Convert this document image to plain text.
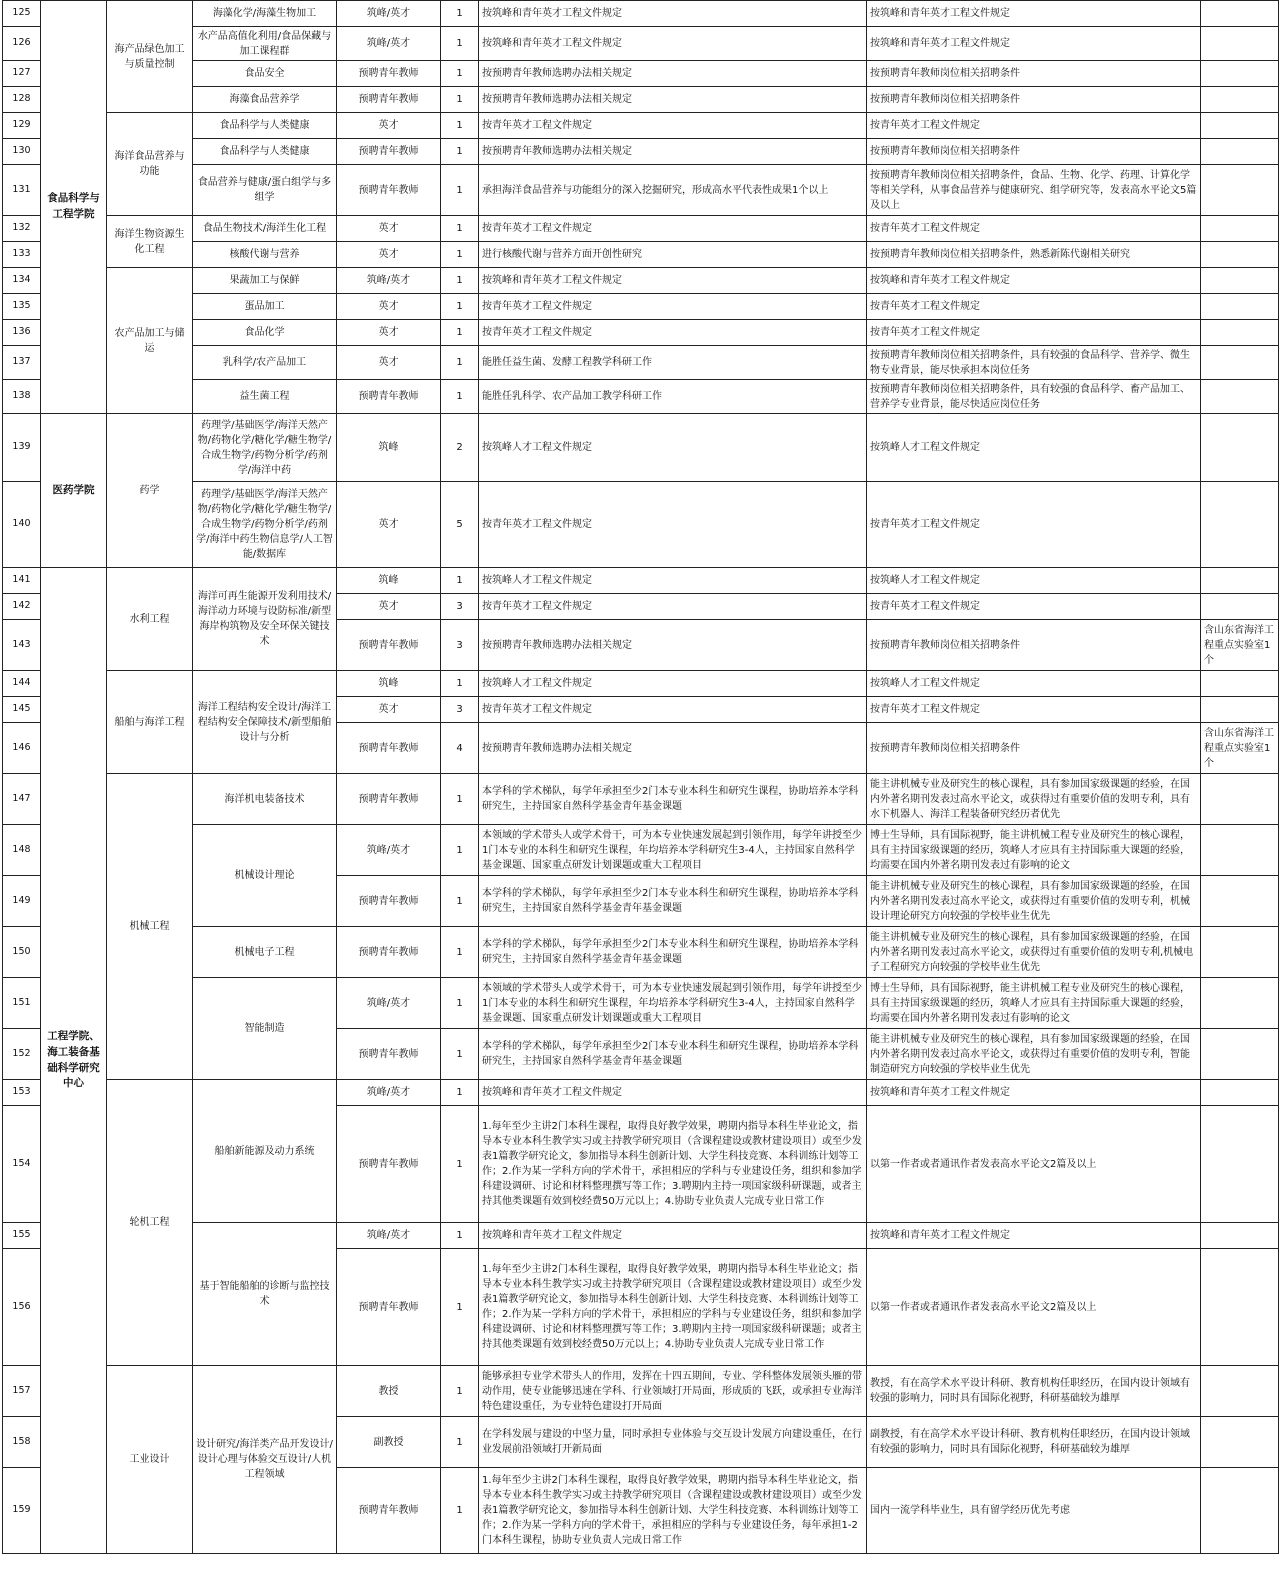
125	食品科学与工程学院	海产品绿色加工与质量控制	海藻化学/海藻生物加工	筑峰/英才	1	按筑峰和青年英才工程文件规定	按筑峰和青年英才工程文件规定	
126			水产品高值化利用/食品保藏与加工课程群	筑峰/英才	1	按筑峰和青年英才工程文件规定	按筑峰和青年英才工程文件规定	
127			食品安全	预聘青年教师	1	按预聘青年教师选聘办法相关规定	按预聘青年教师岗位相关招聘条件	
128			海藻食品营养学	预聘青年教师	1	按预聘青年教师选聘办法相关规定	按预聘青年教师岗位相关招聘条件	
129		海洋食品营养与功能	食品科学与人类健康	英才	1	按青年英才工程文件规定	按青年英才工程文件规定	
130			食品科学与人类健康	预聘青年教师	1	按预聘青年教师选聘办法相关规定	按预聘青年教师岗位相关招聘条件	
131			食品营养与健康/蛋白组学与多组学	预聘青年教师	1	承担海洋食品营养与功能组分的深入挖掘研究，形成高水平代表性成果1个以上	按预聘青年教师岗位相关招聘条件，食品、生物、化学、药理、计算化学等相关学科，从事食品营养与健康研究、组学研究等，发表高水平论文5篇及以上	
132		海洋生物资源生化工程	食品生物技术/海洋生化工程	英才	1	按青年英才工程文件规定	按青年英才工程文件规定	
133			核酸代谢与营养	英才	1	进行核酸代谢与营养方面开创性研究	按预聘青年教师岗位相关招聘条件，熟悉新陈代谢相关研究	
134		农产品加工与储运	果蔬加工与保鲜	筑峰/英才	1	按筑峰和青年英才工程文件规定	按筑峰和青年英才工程文件规定	
135			蛋品加工	英才	1	按青年英才工程文件规定	按青年英才工程文件规定	
136			食品化学	英才	1	按青年英才工程文件规定	按青年英才工程文件规定	
137			乳科学/农产品加工	英才	1	能胜任益生菌、发酵工程教学科研工作	按预聘青年教师岗位相关招聘条件，具有较强的食品科学、营养学、微生物专业背景，能尽快承担本岗位任务	
138			益生菌工程	预聘青年教师	1	能胜任乳科学、农产品加工教学科研工作	按预聘青年教师岗位相关招聘条件，具有较强的食品科学、畜产品加工、营养学专业背景，能尽快适应岗位任务	
139	医药学院	药学	药理学/基础医学/海洋天然产物/药物化学/糖化学/糖生物学/合成生物学/药物分析学/药剂学/海洋中药	筑峰	2	按筑峰人才工程文件规定	按筑峰人才工程文件规定	
140			药理学/基础医学/海洋天然产物/药物化学/糖化学/糖生物学/合成生物学/药物分析学/药剂学/海洋中药生物信息学/人工智能/数据库	英才	5	按青年英才工程文件规定	按青年英才工程文件规定	
141	工程学院、海工装备基础科学研究中心	水利工程	海洋可再生能源开发利用技术/海洋动力环境与设防标准/新型海岸构筑物及安全环保关键技术	筑峰	1	按筑峰人才工程文件规定	按筑峰人才工程文件规定	
142				英才	3	按青年英才工程文件规定	按青年英才工程文件规定	
143				预聘青年教师	3	按预聘青年教师选聘办法相关规定	按预聘青年教师岗位相关招聘条件	含山东省海洋工程重点实验室1个
144		船舶与海洋工程	海洋工程结构安全设计/海洋工程结构安全保障技术/新型船舶设计与分析	筑峰	1	按筑峰人才工程文件规定	按筑峰人才工程文件规定	
145				英才	3	按青年英才工程文件规定	按青年英才工程文件规定	
146				预聘青年教师	4	按预聘青年教师选聘办法相关规定	按预聘青年教师岗位相关招聘条件	含山东省海洋工程重点实验室1个
147		机械工程	海洋机电装备技术	预聘青年教师	1	本学科的学术梯队，每学年承担至少2门本专业本科生和研究生课程，协助培养本学科研究生，主持国家自然科学基金青年基金课题	能主讲机械专业及研究生的核心课程，具有参加国家级课题的经验，在国内外著名期刊发表过高水平论文，或获得过有重要价值的发明专利，具有水下机器人、海洋工程装备研究经历者优先	
148			机械设计理论	筑峰/英才	1	本领域的学术带头人或学术骨干，可为本专业快速发展起到引领作用，每学年讲授至少1门本专业的本科生和研究生课程，年均培养本学科研究生3-4人，主持国家自然科学基金课题、国家重点研发计划课题或重大工程项目	博士生导师，具有国际视野，能主讲机械工程专业及研究生的核心课程，具有主持国家级课题的经历，筑峰人才应具有主持国际重大课题的经验，均需要在国内外著名期刊发表过有影响的论文	
149				预聘青年教师	1	本学科的学术梯队，每学年承担至少2门本专业本科生和研究生课程，协助培养本学科研究生，主持国家自然科学基金青年基金课题	能主讲机械专业及研究生的核心课程，具有参加国家级课题的经验，在国内外著名期刊发表过高水平论文，或获得过有重要价值的发明专利，机械设计理论研究方向较强的学校毕业生优先	
150			机械电子工程	预聘青年教师	1	本学科的学术梯队，每学年承担至少2门本专业本科生和研究生课程，协助培养本学科研究生，主持国家自然科学基金青年基金课题	能主讲机械专业及研究生的核心课程，具有参加国家级课题的经验，在国内外著名期刊发表过高水平论文，或获得过有重要价值的发明专利,机械电子工程研究方向较强的学校毕业生优先	
151			智能制造	筑峰/英才	1	本领域的学术带头人或学术骨干，可为本专业快速发展起到引领作用，每学年讲授至少1门本专业的本科生和研究生课程，年均培养本学科研究生3-4人，主持国家自然科学基金课题、国家重点研发计划课题或重大工程项目	博士生导师，具有国际视野，能主讲机械工程专业及研究生的核心课程，具有主持国家级课题的经历，筑峰人才应具有主持国际重大课题的经验，均需要在国内外著名期刊发表过有影响的论文	
152				预聘青年教师	1	本学科的学术梯队，每学年承担至少2门本专业本科生和研究生课程，协助培养本学科研究生，主持国家自然科学基金青年基金课题	能主讲机械专业及研究生的核心课程，具有参加国家级课题的经验，在国内外著名期刊发表过高水平论文，或获得过有重要价值的发明专利，智能制造研究方向较强的学校毕业生优先	
153		轮机工程	船舶新能源及动力系统	筑峰/英才	1	按筑峰和青年英才工程文件规定	按筑峰和青年英才工程文件规定	
154				预聘青年教师	1	1.每年至少主讲2门本科生课程，取得良好教学效果，聘期内指导本科生毕业论文，指导本专业本科生教学实习或主持教学研究项目（含课程建设或教材建设项目）或至少发表1篇教学研究论文，参加指导本科生创新计划、大学生科技竞赛、本科训练计划等工作；2.作为某一学科方向的学术骨干，承担相应的学科与专业建设任务，组织和参加学科建设调研、讨论和材料整理撰写等工作；3.聘期内主持一项国家级科研课题，或者主持其他类课题有效到校经费50万元以上；4.协助专业负责人完成专业日常工作	以第一作者或者通讯作者发表高水平论文2篇及以上	
155			基于智能船舶的诊断与监控技术	筑峰/英才	1	按筑峰和青年英才工程文件规定	按筑峰和青年英才工程文件规定	
156				预聘青年教师	1	1.每年至少主讲2门本科生课程，取得良好教学效果，聘期内指导本科生毕业论文；指导本专业本科生教学实习或主持教学研究项目（含课程建设或教材建设项目）或至少发表1篇教学研究论文，参加指导本科生创新计划、大学生科技竞赛、本科训练计划等工作；2.作为某一学科方向的学术骨干，承担相应的学科与专业建设任务，组织和参加学科建设调研、讨论和材料整理撰写等工作；3.聘期内主持一项国家级科研课题；或者主持其他类课题有效到校经费50万元以上；4.协助专业负责人完成专业日常工作	以第一作者或者通讯作者发表高水平论文2篇及以上	
157		工业设计	设计研究/海洋类产品开发设计/设计心理与体验交互设计/人机工程领域	教授	1	能够承担专业学术带头人的作用，发挥在十四五期间，专业、学科整体发展领头雁的带动作用，使专业能够迅速在学科、行业领域打开局面，形成质的飞跃，或承担专业海洋特色建设重任，为专业特色建设打开局面	教授，有在高学术水平设计科研、教育机构任职经历，在国内设计领域有较强的影响力，同时具有国际化视野，科研基础较为雄厚	
158				副教授	1	在学科发展与建设的中坚力量，同时承担专业体验与交互设计发展方向建设重任，在行业发展前沿领域打开新局面	副教授，有在高学术水平设计科研、教育机构任职经历，在国内设计领域有较强的影响力，同时具有国际化视野，科研基础较为雄厚	
159				预聘青年教师	1	1.每年至少主讲2门本科生课程，取得良好教学效果，聘期内指导本科生毕业论文，指导本专业本科生教学实习或主持教学研究项目（含课程建设或教材建设项目）或至少发表1篇教学研究论文，参加指导本科生创新计划、大学生科技竞赛、本科训练计划等工作；2.作为某一学科方向的学术骨干，承担相应的学科与专业建设任务，每年承担1-2门本科生课程，协助专业负责人完成日常工作	国内一流学科毕业生，具有留学经历优先考虑	
